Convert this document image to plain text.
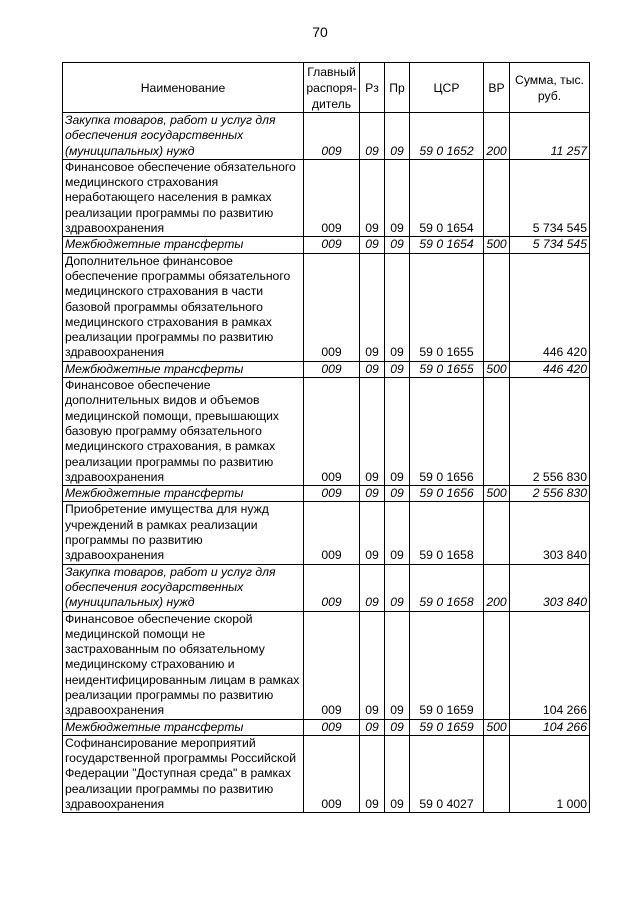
70
Наименование	Главный распоря-дитель	Рз	Пр	ЦСР	ВР	Сумма, тыс. руб.
Закупка товаров, работ и услуг для обеспечения государственных (муниципальных) нужд	009	09	09	59 0 1652	200	11 257
Финансовое обеспечение обязательного медицинского страхования неработающего населения в рамках реализации программы по развитию здравоохранения	009	09	09	59 0 1654		5 734 545
Межбюджетные трансферты	009	09	09	59 0 1654	500	5 734 545
Дополнительное финансовое обеспечение программы обязательного медицинского страхования в части базовой программы обязательного медицинского страхования в рамках реализации программы по развитию здравоохранения	009	09	09	59 0 1655		446 420
Межбюджетные трансферты	009	09	09	59 0 1655	500	446 420
Финансовое обеспечение дополнительных видов и объемов медицинской помощи, превышающих базовую программу обязательного медицинского страхования, в рамках реализации программы по развитию здравоохранения	009	09	09	59 0 1656		2 556 830
Межбюджетные трансферты	009	09	09	59 0 1656	500	2 556 830
Приобретение имущества для нужд учреждений в рамках реализации программы по развитию здравоохранения	009	09	09	59 0 1658		303 840
Закупка товаров, работ и услуг для обеспечения государственных (муниципальных) нужд	009	09	09	59 0 1658	200	303 840
Финансовое обеспечение скорой медицинской помощи не застрахованным по обязательному медицинскому страхованию и неидентифицированным лицам в рамках реализации программы по развитию здравоохранения	009	09	09	59 0 1659		104 266
Межбюджетные трансферты	009	09	09	59 0 1659	500	104 266
Софинансирование мероприятий государственной программы Российской Федерации "Доступная среда" в рамках реализации программы по развитию здравоохранения	009	09	09	59 0 4027		1 000
